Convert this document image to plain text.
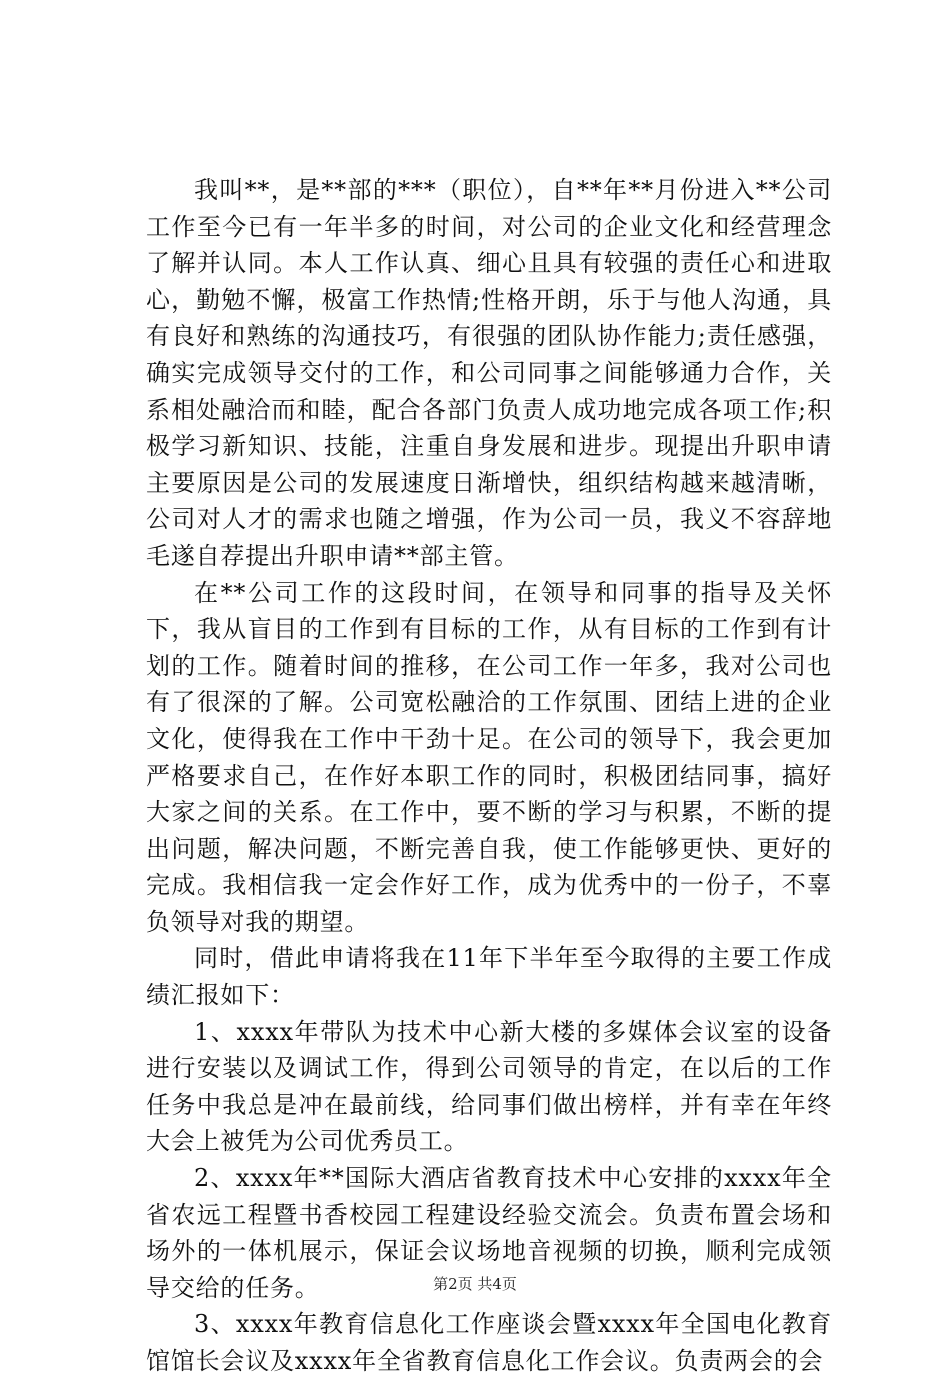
我叫**，是**部的***（职位），自**年**月份进入**公司工作至今已有一年半多的时间，对公司的企业文化和经营理念了解并认同。本人工作认真、细心且具有较强的责任心和进取心，勤勉不懈，极富工作热情;性格开朗，乐于与他人沟通，具有良好和熟练的沟通技巧，有很强的团队协作能力;责任感强，确实完成领导交付的工作，和公司同事之间能够通力合作，关系相处融洽而和睦，配合各部门负责人成功地完成各项工作;积极学习新知识、技能，注重自身发展和进步。现提出升职申请主要原因是公司的发展速度日渐增快，组织结构越来越清晰，公司对人才的需求也随之增强，作为公司一员，我义不容辞地毛遂自荐提出升职申请**部主管。

在**公司工作的这段时间，在领导和同事的指导及关怀下，我从盲目的工作到有目标的工作，从有目标的工作到有计划的工作。随着时间的推移，在公司工作一年多，我对公司也有了很深的了解。公司宽松融洽的工作氛围、团结上进的企业文化，使得我在工作中干劲十足。在公司的领导下，我会更加严格要求自己，在作好本职工作的同时，积极团结同事，搞好大家之间的关系。在工作中，要不断的学习与积累，不断的提出问题，解决问题，不断完善自我，使工作能够更快、更好的完成。我相信我一定会作好工作，成为优秀中的一份子，不辜负领导对我的期望。

同时，借此申请将我在11年下半年至今取得的主要工作成绩汇报如下：

1、xxxx年带队为技术中心新大楼的多媒体会议室的设备进行安装以及调试工作，得到公司领导的肯定，在以后的工作任务中我总是冲在最前线，给同事们做出榜样，并有幸在年终大会上被凭为公司优秀员工。

2、xxxx年**国际大酒店省教育技术中心安排的xxxx年全省农远工程暨书香校园工程建设经验交流会。负责布置会场和场外的一体机展示，保证会议场地音视频的切换，顺利完成领导交给的任务。

3、xxxx年教育信息化工作座谈会暨xxxx年全国电化教育馆馆长会议及xxxx年全省教育信息化工作会议。负责两会的会

第2页 共4页
